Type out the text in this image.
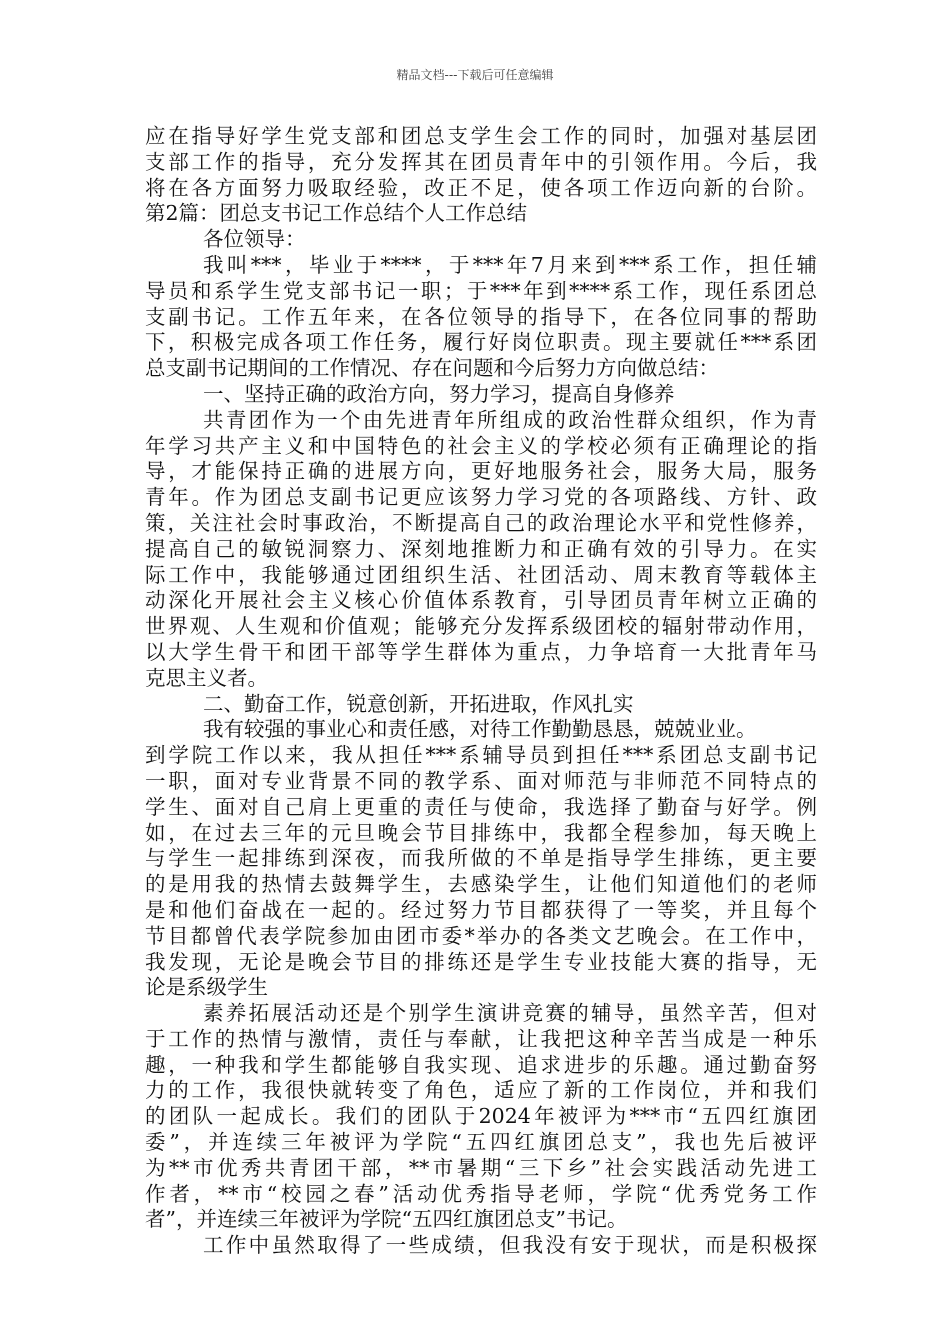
精品文档---下载后可任意编辑
应在指导好学生党支部和团总支学生会工作的同时，加强对基层团
支部工作的指导，充分发挥其在团员青年中的引领作用。今后，我
将在各方面努力吸取经验，改正不足，使各项工作迈向新的台阶。
第2篇：团总支书记工作总结个人工作总结
各位领导：
我叫***，毕业于****，于***年7月来到***系工作，担任辅
导员和系学生党支部书记一职；于***年到****系工作，现任系团总
支副书记。工作五年来，在各位领导的指导下，在各位同事的帮助
下，积极完成各项工作任务，履行好岗位职责。现主要就任***系团
总支副书记期间的工作情况、存在问题和今后努力方向做总结：
一、坚持正确的政治方向，努力学习，提高自身修养
共青团作为一个由先进青年所组成的政治性群众组织，作为青
年学习共产主义和中国特色的社会主义的学校必须有正确理论的指
导，才能保持正确的进展方向，更好地服务社会，服务大局，服务
青年。作为团总支副书记更应该努力学习党的各项路线、方针、政
策，关注社会时事政治，不断提高自己的政治理论水平和党性修养，
提高自己的敏锐洞察力、深刻地推断力和正确有效的引导力。在实
际工作中，我能够通过团组织生活、社团活动、周末教育等载体主
动深化开展社会主义核心价值体系教育，引导团员青年树立正确的
世界观、人生观和价值观；能够充分发挥系级团校的辐射带动作用，
以大学生骨干和团干部等学生群体为重点，力争培育一大批青年马
克思主义者。
二、勤奋工作，锐意创新，开拓进取，作风扎实
我有较强的事业心和责任感，对待工作勤勤恳恳，兢兢业业。
到学院工作以来，我从担任***系辅导员到担任***系团总支副书记
一职，面对专业背景不同的教学系、面对师范与非师范不同特点的
学生、面对自己肩上更重的责任与使命，我选择了勤奋与好学。例
如，在过去三年的元旦晚会节目排练中，我都全程参加，每天晚上
与学生一起排练到深夜，而我所做的不单是指导学生排练，更主要
的是用我的热情去鼓舞学生，去感染学生，让他们知道他们的老师
是和他们奋战在一起的。经过努力节目都获得了一等奖，并且每个
节目都曾代表学院参加由团市委*举办的各类文艺晚会。在工作中，
我发现，无论是晚会节目的排练还是学生专业技能大赛的指导，无
论是系级学生
素养拓展活动还是个别学生演讲竞赛的辅导，虽然辛苦，但对
于工作的热情与激情，责任与奉献，让我把这种辛苦当成是一种乐
趣，一种我和学生都能够自我实现、追求进步的乐趣。通过勤奋努
力的工作，我很快就转变了角色，适应了新的工作岗位，并和我们
的团队一起成长。我们的团队于2024年被评为***市“五四红旗团
委”，并连续三年被评为学院“五四红旗团总支”，我也先后被评
为**市优秀共青团干部，**市暑期“三下乡”社会实践活动先进工
作者，**市“校园之春”活动优秀指导老师，学院“优秀党务工作
者”，并连续三年被评为学院“五四红旗团总支”书记。
工作中虽然取得了一些成绩，但我没有安于现状，而是积极探
